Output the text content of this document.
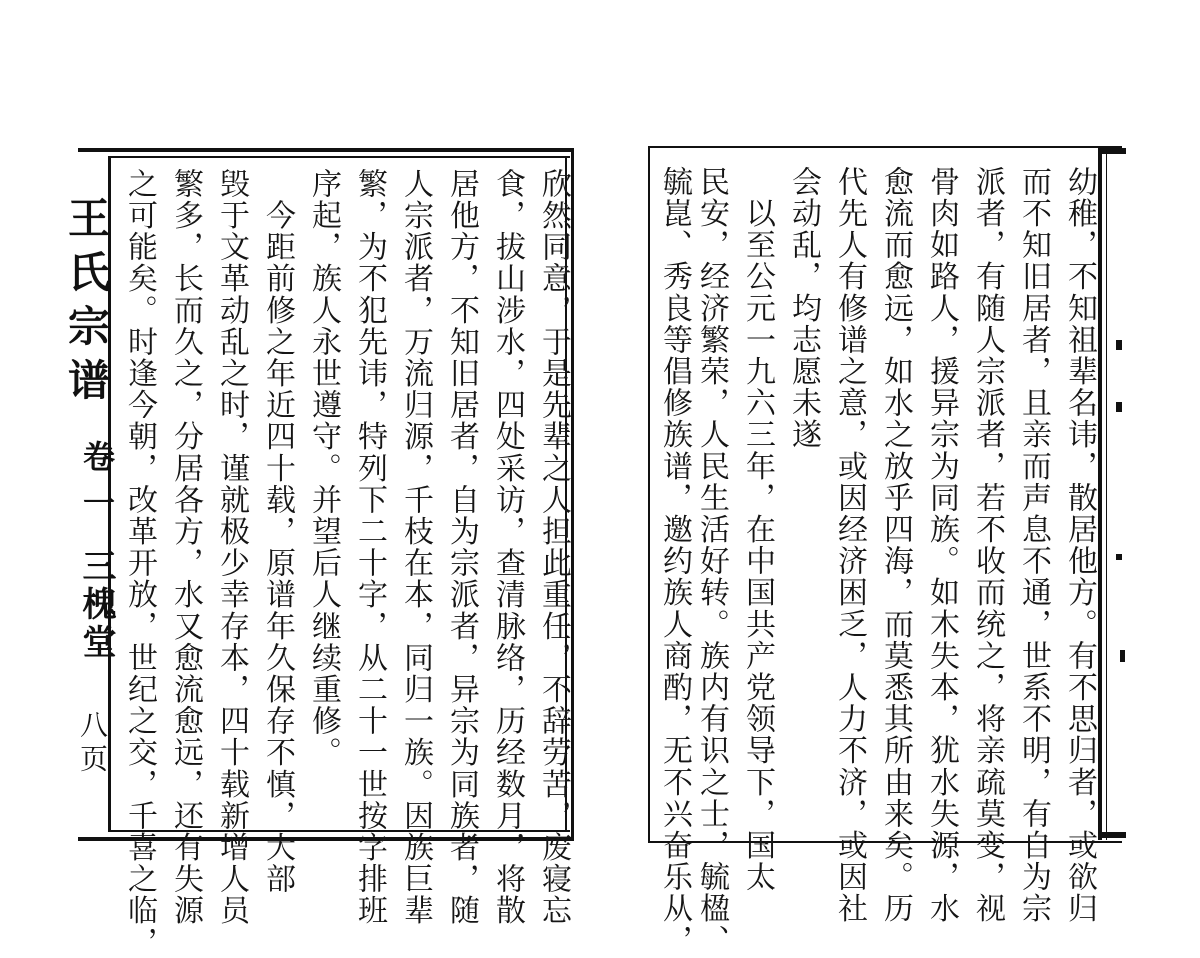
王氏宗谱
卷一
三槐堂
八页	欣然同意，于是先辈之人担此重任，不辞劳苦，废寝忘
食，拔山涉水，四处采访，查清脉络，历经数月，将散
居他方，不知旧居者，自为宗派者，异宗为同族者，随
人宗派者，万流归源，千枝在本，同归一族。因族巨辈
繁，为不犯先讳，特列下二十字，从二十一世按字排班
序起，族人永世遵守。并望后人继续重修。
　今距前修之年近四十载，原谱年久保存不慎，大部
毁于文革动乱之时，谨就极少幸存本，四十载新增人员
繁多，长而久之，分居各方，水又愈流愈远，还有失源
之可能矣。时逢今朝，改革开放，世纪之交，千喜之临，	幼稚，不知祖辈名讳，散居他方。有不思归者，或欲归
而不知旧居者，且亲而声息不通，世系不明，有自为宗
派者，有随人宗派者，若不收而统之，将亲疏莫变，视
骨肉如路人，援异宗为同族。如木失本，犹水失源，水
愈流而愈远，如水之放乎四海，而莫悉其所由来矣。历
代先人有修谱之意，或因经济困乏，人力不济，或因社
会动乱，均志愿未遂
　以至公元一九六三年，在中国共产党领导下，国太
民安，经济繁荣，人民生活好转。族内有识之士，毓楹、
毓崑、秀良等倡修族谱，邀约族人商酌，无不兴奋乐从，
